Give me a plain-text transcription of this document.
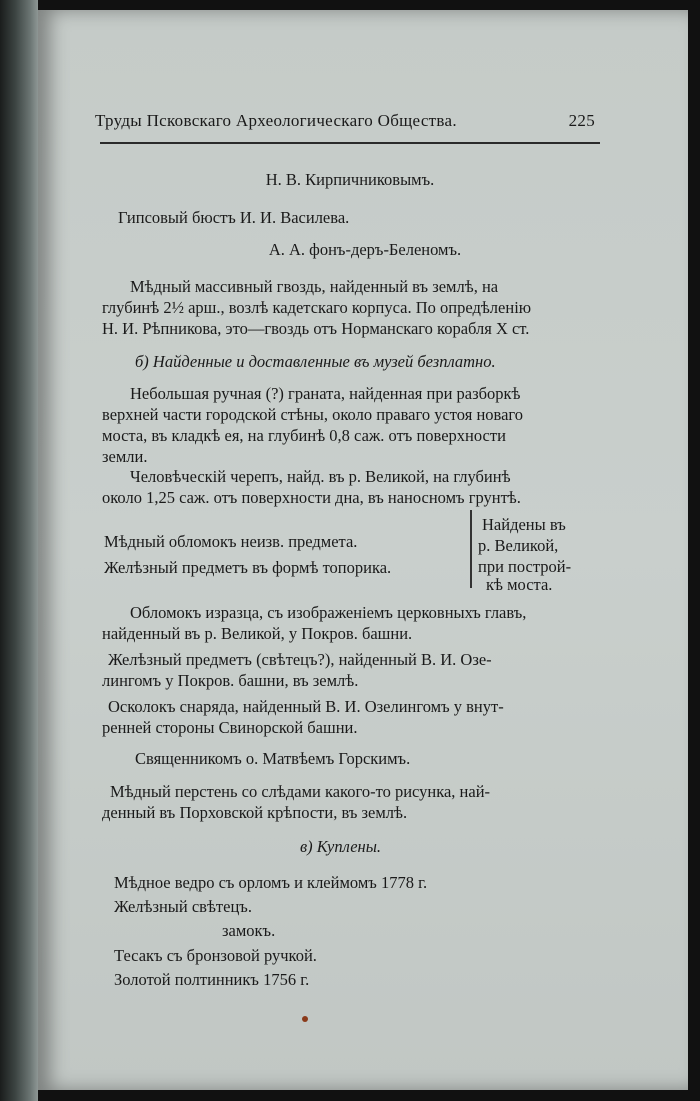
Труды Псковскаго Археологическаго Общества.	225
Н. В. Кирпичниковымъ.
Гипсовый бюстъ И. И. Василева.
А. А. фонъ-деръ-Беленомъ.
Мѣдный массивный гвоздь, найденный въ землѣ, на
глубинѣ 2½ арш., возлѣ кадетскаго корпуса. По опредѣленію
Н. И. Рѣпникова, это—гвоздь отъ Норманскаго корабля X ст.
б) Найденные и доставленные въ музей безплатно.
Небольшая ручная (?) граната, найденная при разборкѣ
верхней части городской стѣны, около праваго устоя новаго
моста, въ кладкѣ ея, на глубинѣ 0,8 саж. отъ поверхности
земли.
Человѣческій черепъ, найд. въ р. Великой, на глубинѣ
около 1,25 саж. отъ поверхности дна, въ наносномъ грунтѣ.
Мѣдный обломокъ неизв. предмета.
Желѣзный предметъ въ формѣ топорика.
Найдены въ
р. Великой,
при построй-
кѣ моста.
Обломокъ изразца, съ изображеніемъ церковныхъ главъ,
найденный въ р. Великой, у Покров. башни.
Желѣзный предметъ (свѣтецъ?), найденный В. И. Озе-
лингомъ у Покров. башни, въ землѣ.
Осколокъ снаряда, найденный В. И. Озелингомъ у внут-
ренней стороны Свинорской башни.
Священникомъ о. Матвѣемъ Горскимъ.
Мѣдный перстень со слѣдами какого-то рисунка, най-
денный въ Порховской крѣпости, въ землѣ.
в) Куплены.
Мѣдное ведро съ орломъ и клеймомъ 1778 г.
Желѣзный свѣтецъ.
замокъ.
Тесакъ съ бронзовой ручкой.
Золотой полтинникъ 1756 г.
